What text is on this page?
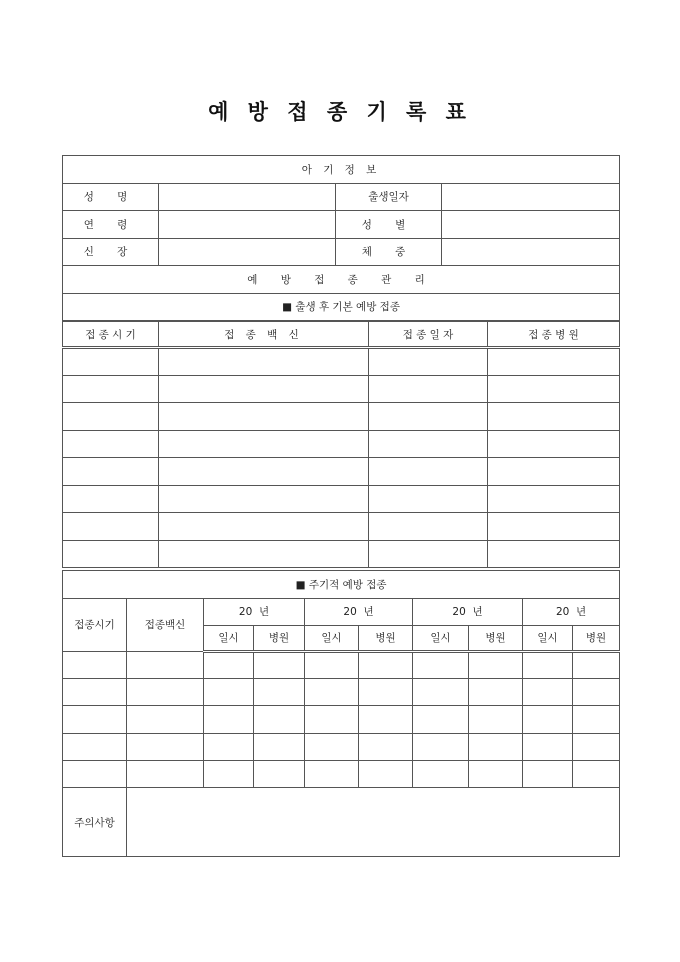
예 방 접 종 기 록 표
아 기 정 보			
성 명		출생일자	
연 령		성 별	
신 장		체 중	
예 방 접 종 관 리			
■ 출생 후 기본 예방 접종			
접 종 시 기	접 종 백 신	접 종 일 자	접 종 병 원

■ 주기적 예방 접종									
접종시기	접종백신	20  년		20  년		20  년		20  년	
		일시	병원	일시	병원	일시	병원	일시	병원

주의사항									
